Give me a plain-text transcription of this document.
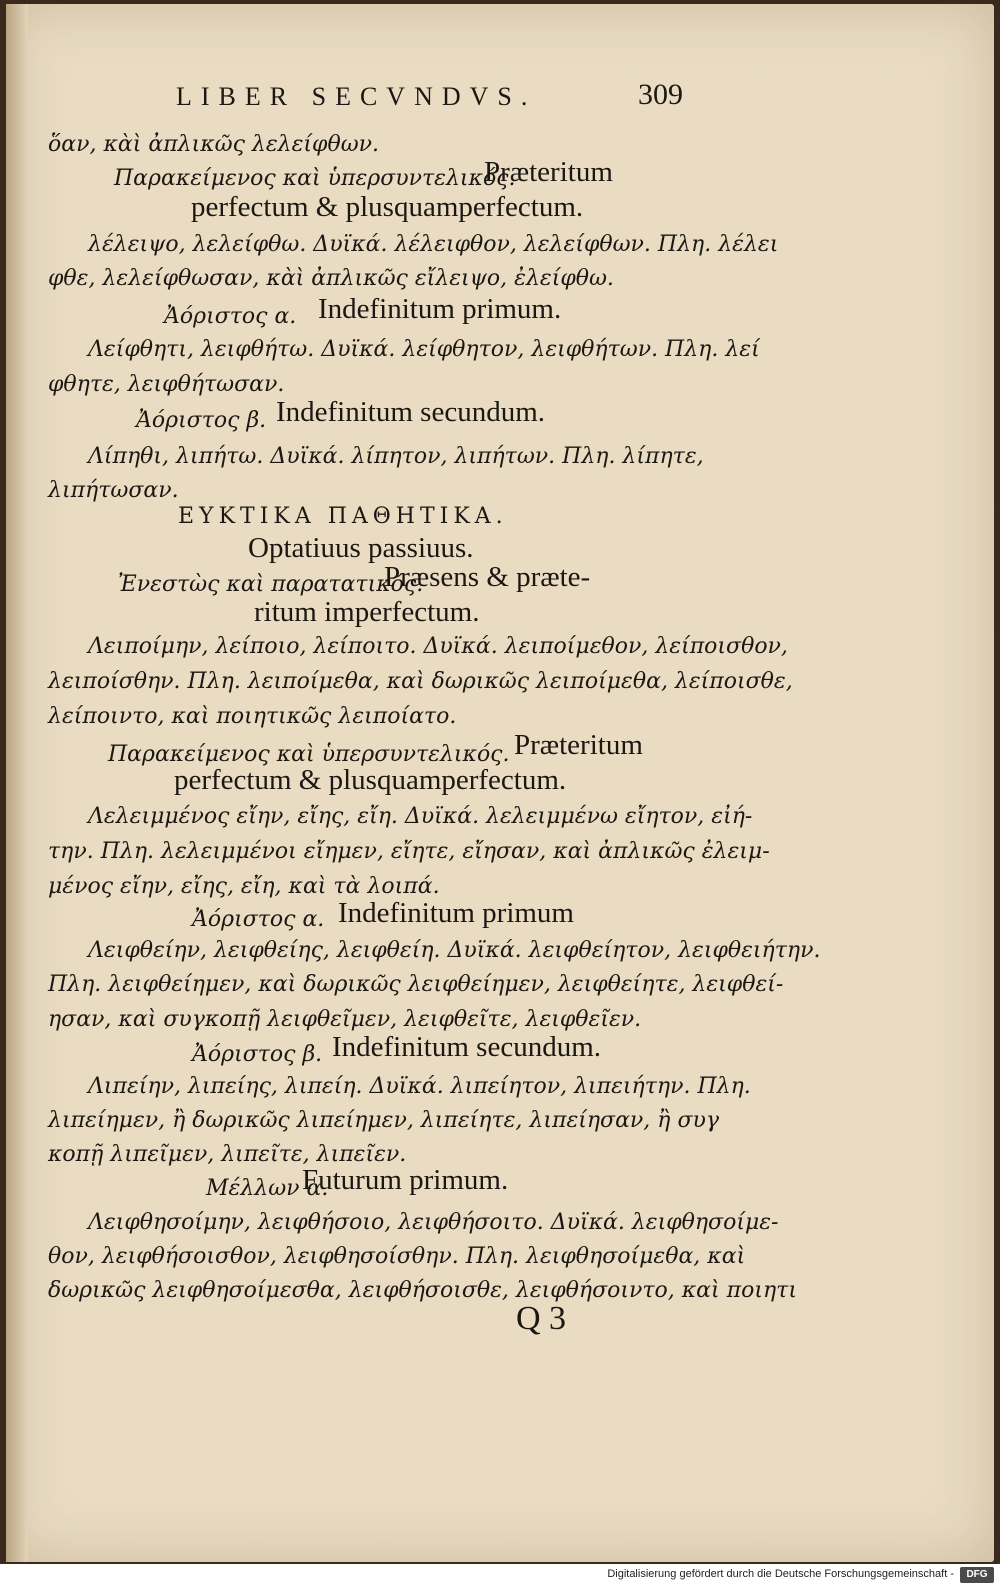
LIBER SECVNDVS.	309
ὅαν, κὰὶ ἀπλικῶς λελείφθων.
Παρακείμενος καὶ ὑπερσυντελικός.
Præteritum
perfectum & plusquamperfectum.
λέλειψο, λελείφθω. Δυϊκά. λέλειφθον, λελείφθων. Πλη. λέλει
φθε, λελείφθωσαν, κὰὶ ἀπλικῶς εἴλειψο, ἐλείφθω.
Ἀόριστος α. Indefinitum primum.
Λείφθητι, λειφθήτω. Δυϊκά. λείφθητον, λειφθήτων. Πλη. λεί
φθητε, λειφθήτωσαν.
Ἀόριστος β. Indefinitum secundum.
Λίπηθι, λιπήτω. Δυϊκά. λίπητον, λιπήτων. Πλη. λίπητε,
λιπήτωσαν.
ΕΥΚΤΙΚΑ ΠΑΘΗΤΙΚΑ.
Optatiuus passiuus.
Ἐνεστὼς καὶ παρατατικός.
Præsens & præte-
ritum imperfectum.
Λειποίμην, λείποιο, λείποιτο. Δυϊκά. λειποίμεθον, λείποισθον,
λειποίσθην. Πλη. λειποίμεθα, καὶ δωρικῶς λειποίμεθα, λείποισθε,
λείποιντο, καὶ ποιητικῶς λειποίατο.
Παρακείμενος καὶ ὑπερσυντελικός. Præteritum
perfectum & plusquamperfectum.
Λελειμμένος εἴην, εἴης, εἴη. Δυϊκά. λελειμμένω εἴητον, εἰή-
την. Πλη. λελειμμένοι εἴημεν, εἴητε, εἴησαν, καὶ ἀπλικῶς ἐλειμ-
μένος εἴην, εἴης, εἴη, καὶ τὰ λοιπά.
Ἀόριστος α. Indefinitum primum
Λειφθείην, λειφθείης, λειφθείη. Δυϊκά. λειφθείητον, λειφθειήτην.
Πλη. λειφθείημεν, καὶ δωρικῶς λειφθείημεν, λειφθείητε, λειφθεί-
ησαν, καὶ συγκοπῇ λειφθεῖμεν, λειφθεῖτε, λειφθεῖεν.
Ἀόριστος β. Indefinitum secundum.
Λιπείην, λιπείης, λιπείη. Δυϊκά. λιπείητον, λιπειήτην. Πλη.
λιπείημεν, ἢ δωρικῶς λιπείημεν, λιπείητε, λιπείησαν, ἢ συγ
κοπῇ λιπεῖμεν, λιπεῖτε, λιπεῖεν.
Μέλλων α.
Futurum primum.
Λειφθησοίμην, λειφθήσοιο, λειφθήσοιτο. Δυϊκά. λειφθησοίμε-
θον, λειφθήσοισθον, λειφθησοίσθην. Πλη. λειφθησοίμεθα, καὶ
δωρικῶς λειφθησοίμεσθα, λειφθήσοισθε, λειφθήσοιντο, καὶ ποιητι
Q 3
Digitalisierung gefördert durch die Deutsche Forschungsgemeinschaft -	DFG
